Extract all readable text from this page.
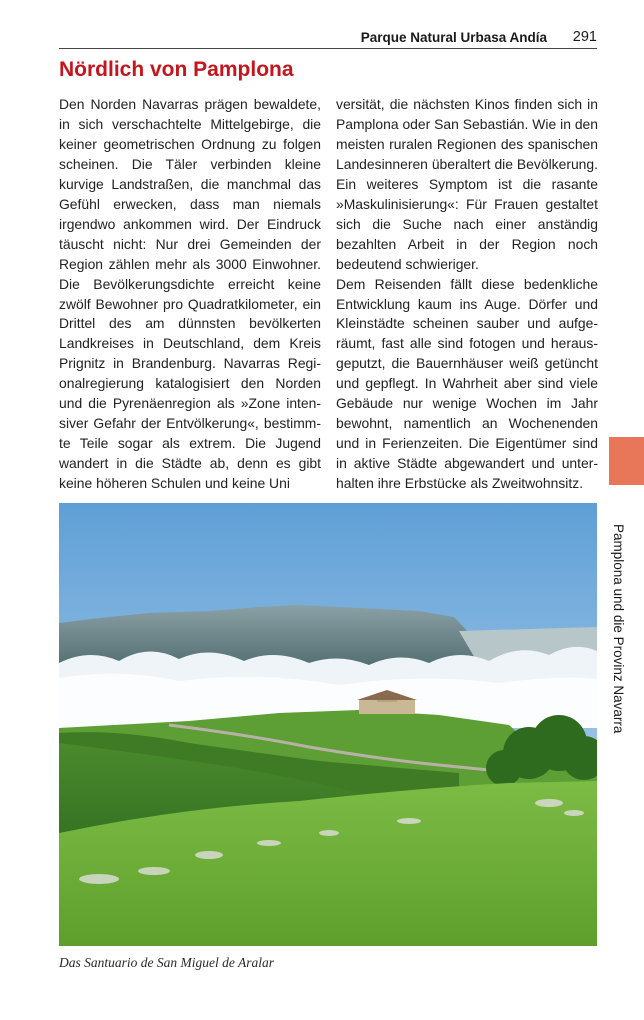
Parque Natural Urbasa Andía 291
Nördlich von Pamplona

Den Norden Navarras prägen bewaldete, in sich verschachtelte Mittelgebirge, die keiner geometrischen Ordnung zu folgen scheinen. Die Täler verbinden kleine kurvige Landstraßen, die manchmal das Gefühl erwecken, dass man niemals irgendwo ankommen wird. Der Eindruck täuscht nicht: Nur drei Gemeinden der Region zählen mehr als 3000 Einwohner. Die Bevölkerungsdichte erreicht keine zwölf Bewohner pro Quadratkilometer, ein Drittel des am dünnsten bevölkerten Landkreises in Deutschland, dem Kreis Prignitz in Brandenburg. Navarras Regionalregierung katalogisiert den Norden und die Pyrenäenregion als »Zone intensiver Gefahr der Entvölkerung«, bestimmte Teile sogar als extrem. Die Jugend wandert in die Städte ab, denn es gibt keine höheren Schulen und keine Uni

versität, die nächsten Kinos finden sich in Pamplona oder San Sebastián. Wie in den meisten ruralen Regionen des spanischen Landesinneren überaltert die Bevölkerung. Ein weiteres Symptom ist die rasante »Maskulinisierung«: Für Frauen gestaltet sich die Suche nach einer anständig bezahlten Arbeit in der Region noch bedeutend schwieriger.

Dem Reisenden fällt diese bedenkliche Entwicklung kaum ins Auge. Dörfer und Kleinstädte scheinen sauber und aufgeräumt, fast alle sind fotogen und herausgeputzt, die Bauernhäuser weiß getüncht und gepflegt. In Wahrheit aber sind viele Gebäude nur wenige Wochen im Jahr bewohnt, namentlich an Wochenenden und in Ferienzeiten. Die Eigentümer sind in aktive Städte abgewandert und unterhalten ihre Erbstücke als Zweitwohnsitz.

Pamplona und die Provinz Navarra

Das Santuario de San Miguel de Aralar
